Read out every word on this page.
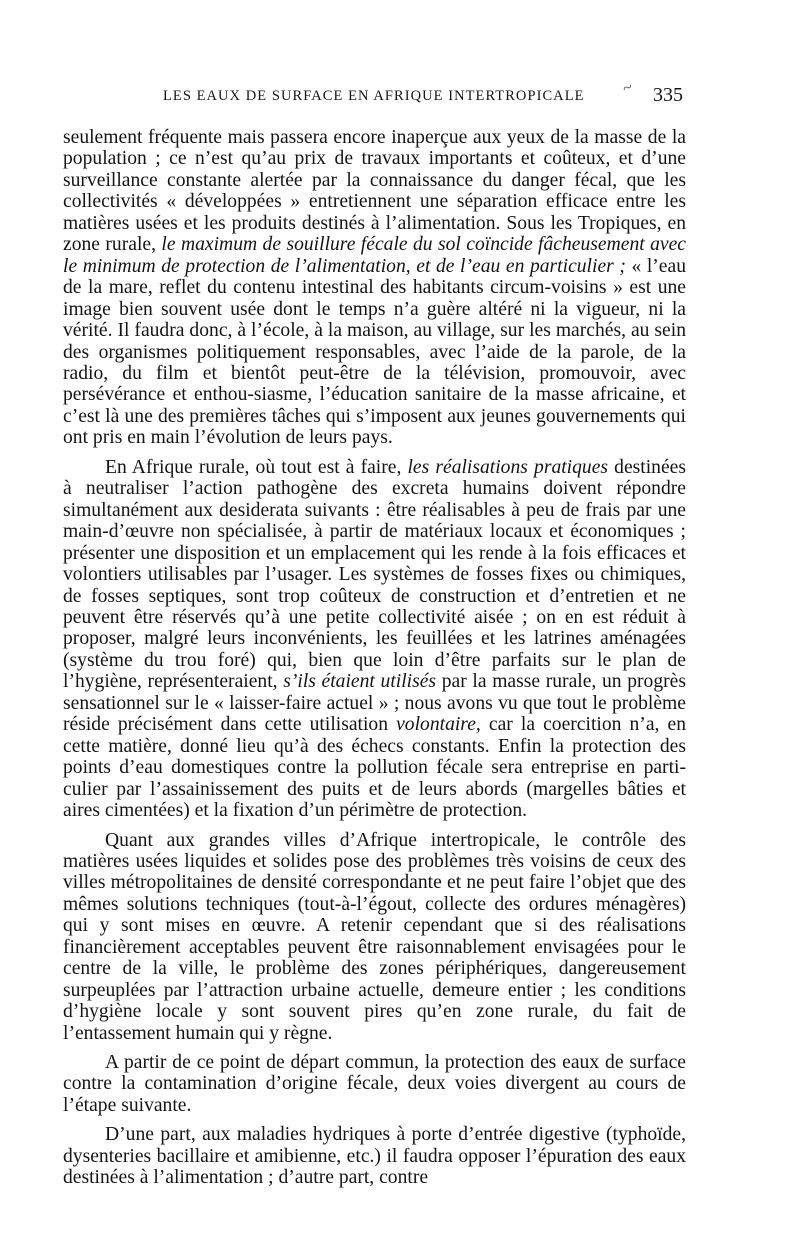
LES EAUX DE SURFACE EN AFRIQUE INTERTROPICALE ~ 335

seulement fréquente mais passera encore inaperçue aux yeux de la masse de la population ; ce n’est qu’au prix de travaux importants et coûteux, et d’une surveillance constante alertée par la connaissance du danger fécal, que les collectivités « développées » entretiennent une séparation efficace entre les matières usées et les produits destinés à l’alimentation. Sous les Tropiques, en zone rurale, le maximum de souillure fécale du sol coïncide fâcheusement avec le minimum de protection de l’alimentation, et de l’eau en particulier ; « l’eau de la mare, reflet du contenu intestinal des habitants circum-voisins » est une image bien souvent usée dont le temps n’a guère altéré ni la vigueur, ni la vérité. Il faudra donc, à l’école, à la maison, au village, sur les marchés, au sein des organismes politiquement responsables, avec l’aide de la parole, de la radio, du film et bientôt peut-être de la télévision, promouvoir, avec persévérance et enthou-siasme, l’éducation sanitaire de la masse africaine, et c’est là une des premières tâches qui s’imposent aux jeunes gouvernements qui ont pris en main l’évolution de leurs pays.

En Afrique rurale, où tout est à faire, les réalisations pratiques destinées à neutraliser l’action pathogène des excreta humains doivent répondre simultanément aux desiderata suivants : être réalisables à peu de frais par une main-d’œuvre non spécialisée, à partir de matériaux locaux et économiques ; présenter une disposition et un emplacement qui les rende à la fois efficaces et volontiers utilisables par l’usager. Les systèmes de fosses fixes ou chimiques, de fosses septiques, sont trop coûteux de construction et d’entretien et ne peuvent être réservés qu’à une petite collectivité aisée ; on en est réduit à proposer, malgré leurs inconvénients, les feuillées et les latrines aménagées (système du trou foré) qui, bien que loin d’être parfaits sur le plan de l’hygiène, représenteraient, s’ils étaient utilisés par la masse rurale, un progrès sensationnel sur le « laisser-faire actuel » ; nous avons vu que tout le problème réside précisément dans cette utilisation volontaire, car la coercition n’a, en cette matière, donné lieu qu’à des échecs constants. Enfin la protection des points d’eau domestiques contre la pollution fécale sera entreprise en parti-culier par l’assainissement des puits et de leurs abords (margelles bâties et aires cimentées) et la fixation d’un périmètre de protection.

Quant aux grandes villes d’Afrique intertropicale, le contrôle des matières usées liquides et solides pose des problèmes très voisins de ceux des villes métropolitaines de densité correspondante et ne peut faire l’objet que des mêmes solutions techniques (tout-à-l’égout, collecte des ordures ménagères) qui y sont mises en œuvre. A retenir cependant que si des réalisations financièrement acceptables peuvent être raisonnablement envisagées pour le centre de la ville, le problème des zones périphériques, dangereusement surpeuplées par l’attraction urbaine actuelle, demeure entier ; les conditions d’hygiène locale y sont souvent pires qu’en zone rurale, du fait de l’entassement humain qui y règne.

A partir de ce point de départ commun, la protection des eaux de surface contre la contamination d’origine fécale, deux voies divergent au cours de l’étape suivante.

D’une part, aux maladies hydriques à porte d’entrée digestive (typhoïde, dysenteries bacillaire et amibienne, etc.) il faudra opposer l’épuration des eaux destinées à l’alimentation ; d’autre part, contre
